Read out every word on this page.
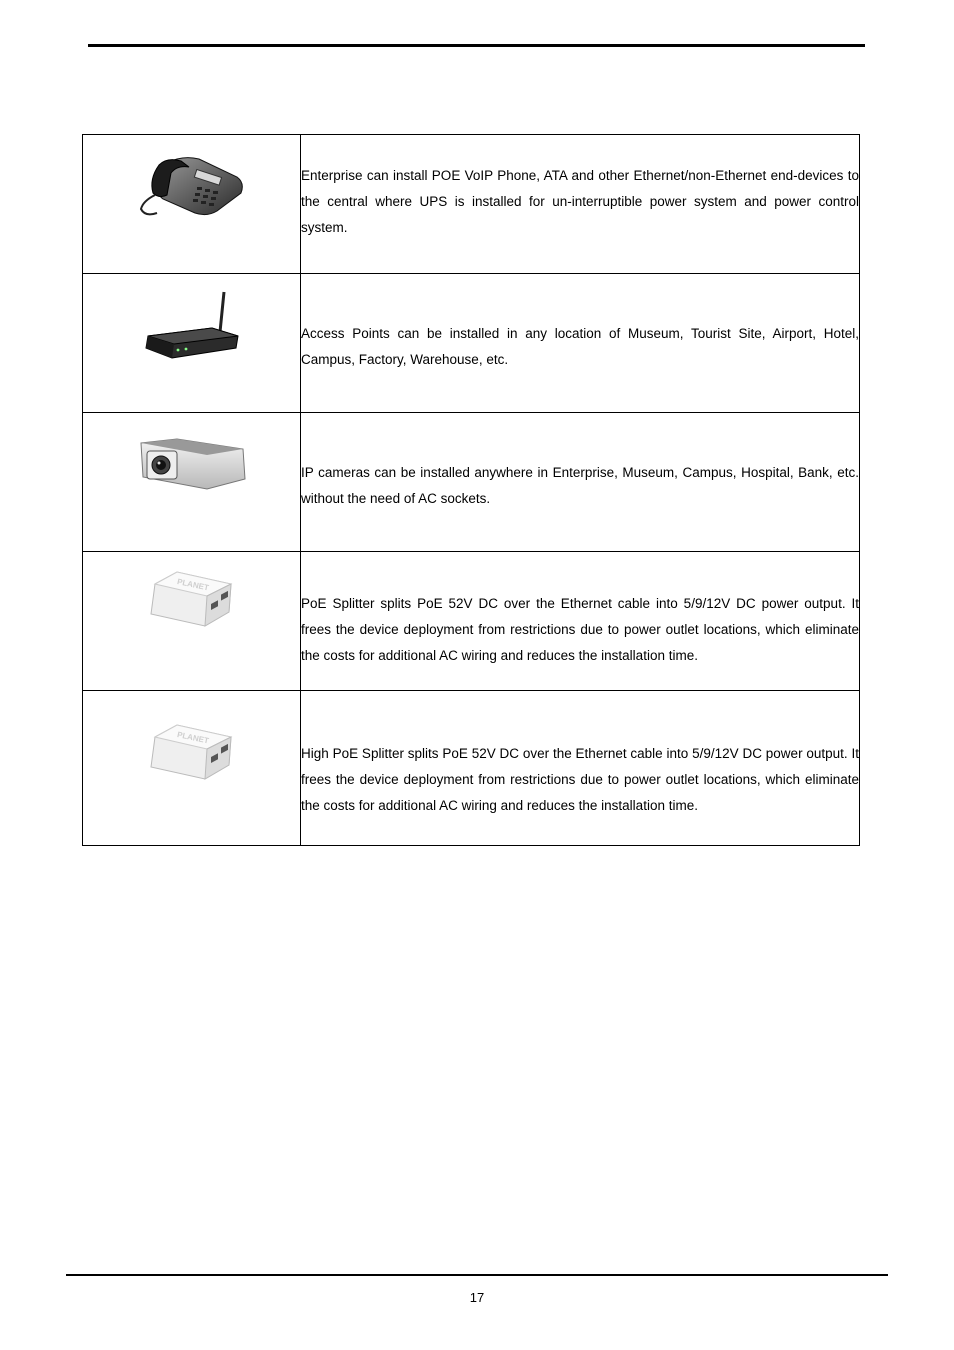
Enterprise can install POE VoIP Phone, ATA and other Ethernet/non-Ethernet end-devices to the central where UPS is installed for un-interruptible power system and power control system.

Access Points can be installed in any location of Museum, Tourist Site, Airport, Hotel, Campus, Factory, Warehouse, etc.

IP cameras can be installed anywhere in Enterprise, Museum, Campus, Hospital, Bank, etc. without the need of AC sockets.

PLANET	PoE Splitter splits PoE 52V DC over the Ethernet cable into 5/9/12V DC power output. It frees the device deployment from restrictions due to power outlet locations, which eliminate the costs for additional AC wiring and reduces the installation time.

PLANET	High PoE Splitter splits PoE 52V DC over the Ethernet cable into 5/9/12V DC power output. It frees the device deployment from restrictions due to power outlet locations, which eliminate the costs for additional AC wiring and reduces the installation time.

17
